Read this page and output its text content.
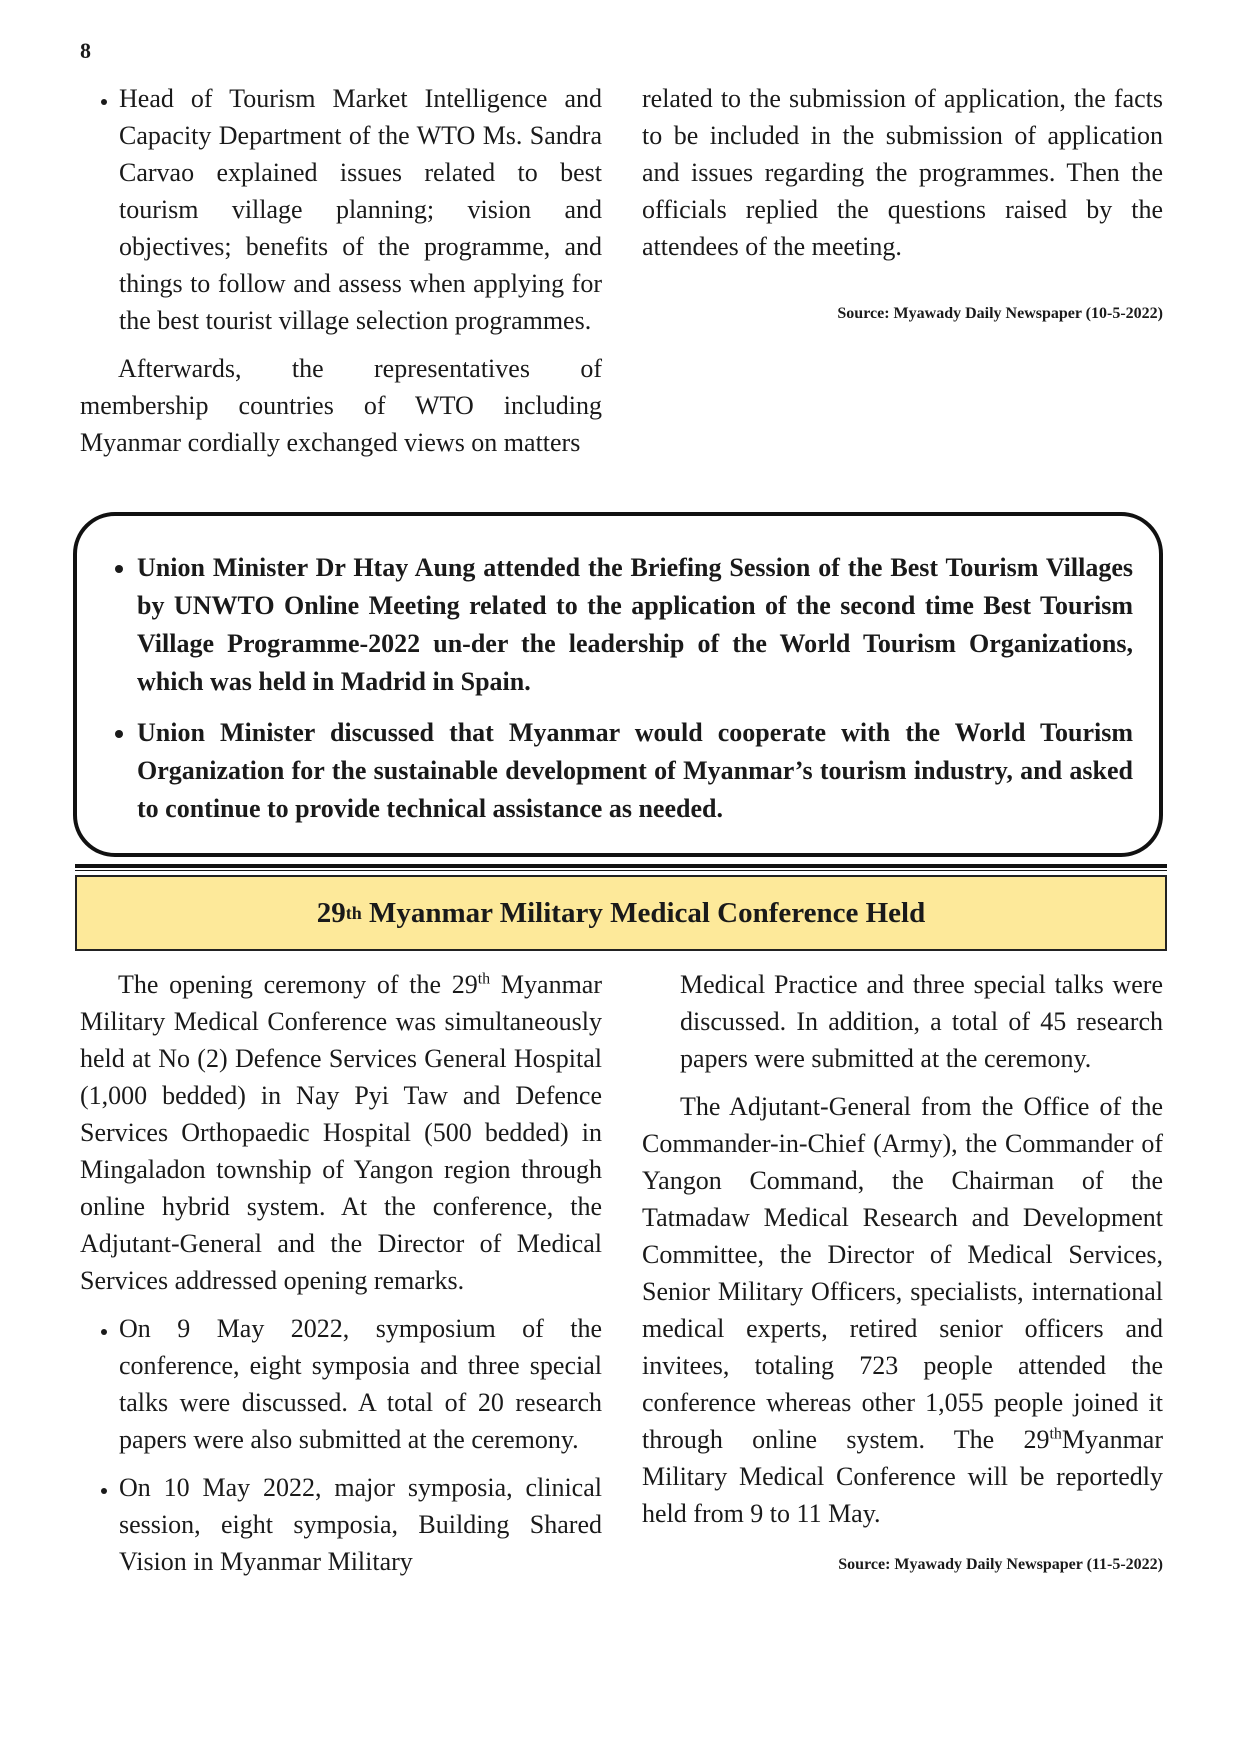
8
• Head of Tourism Market Intelligence and Capacity Department of the WTO Ms. Sandra Carvao explained issues related to best tourism village planning; vision and objectives; benefits of the programme, and things to follow and assess when applying for the best tourist village selection programmes.

Afterwards, the representatives of membership countries of WTO including Myanmar cordially exchanged views on matters

related to the submission of application, the facts to be included in the submission of application and issues regarding the programmes. Then the officials replied the questions raised by the attendees of the meeting.

Source: Myawady Daily Newspaper (10-5-2022)

• Union Minister Dr Htay Aung attended the Briefing Session of the Best Tourism Villages by UNWTO Online Meeting related to the application of the second time Best Tourism Village Programme-2022 un-der the leadership of the World Tourism Organizations, which was held in Madrid in Spain.
• Union Minister discussed that Myanmar would cooperate with the World Tourism Organization for the sustainable development of Myanmar’s tourism industry, and asked to continue to provide technical assistance as needed.
29 th Myanmar Military Medical Conference Held

The opening ceremony of the 29th Myanmar Military Medical Conference was simultaneously held at No (2) Defence Services General Hospital (1,000 bedded) in Nay Pyi Taw and Defence Services Orthopaedic Hospital (500 bedded) in Mingaladon township of Yangon region through online hybrid system. At the conference, the Adjutant-General and the Director of Medical Services addressed opening remarks.

• On 9 May 2022, symposium of the conference, eight symposia and three special talks were discussed. A total of 20 research papers were also submitted at the ceremony.
• On 10 May 2022, major symposia, clinical session, eight symposia, Building Shared Vision in Myanmar Military

Medical Practice and three special talks were discussed. In addition, a total of 45 research papers were submitted at the ceremony.

The Adjutant-General from the Office of the Commander-in-Chief (Army), the Commander of Yangon Command, the Chairman of the Tatmadaw Medical Research and Development Committee, the Director of Medical Services, Senior Military Officers, specialists, international medical experts, retired senior officers and invitees, totaling 723 people attended the conference whereas other 1,055 people joined it through online system. The 29thMyanmar Military Medical Conference will be reportedly held from 9 to 11 May.

Source: Myawady Daily Newspaper (11-5-2022)
